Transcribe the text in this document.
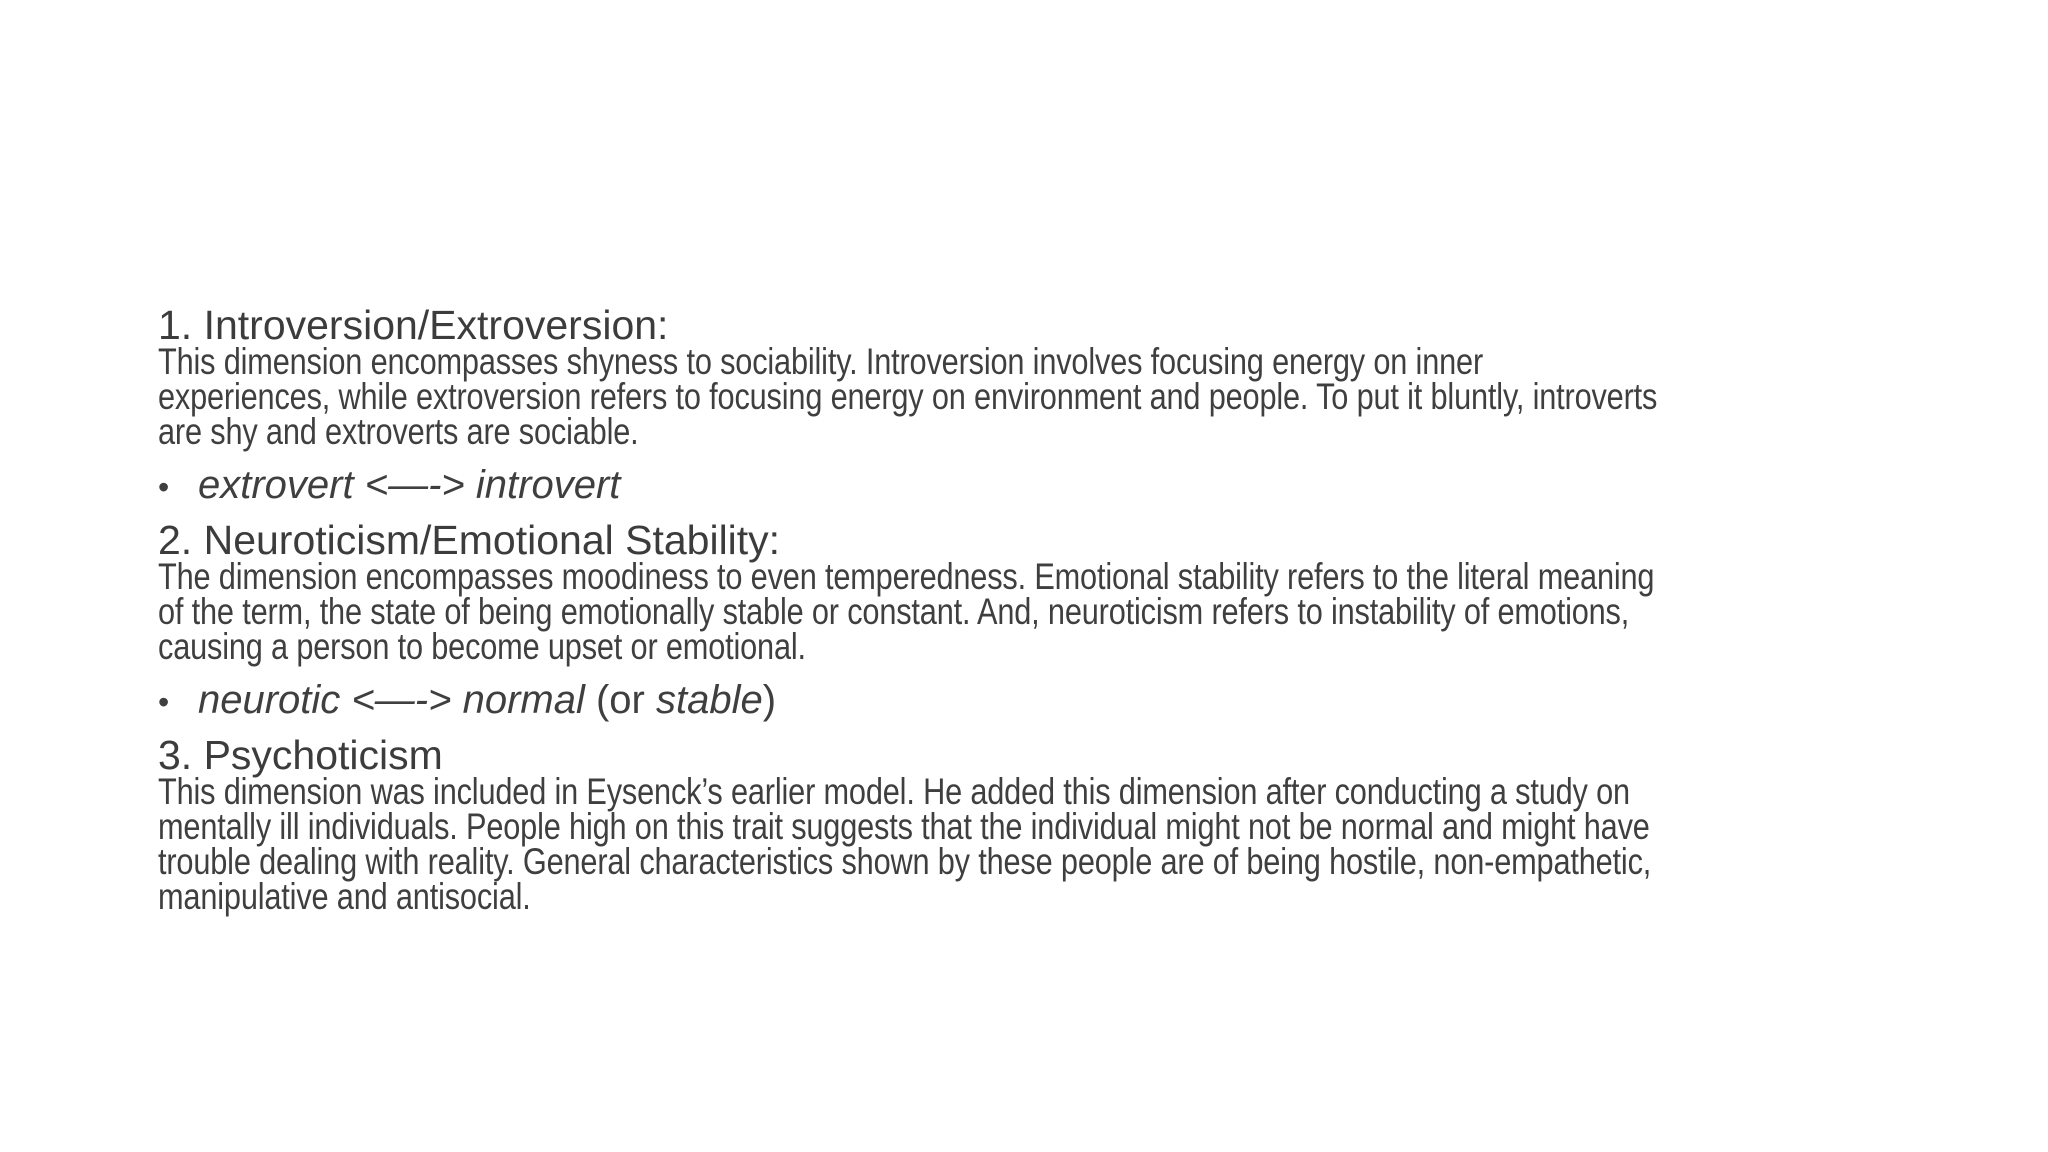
1. Introversion/Extroversion:

This dimension encompasses shyness to sociability. Introversion involves focusing energy on inner

experiences, while extroversion refers to focusing energy on environment and people. To put it bluntly, introverts

are shy and extroverts are sociable.

• extrovert
<—->
introvert

2. Neuroticism/Emotional Stability:

The dimension encompasses moodiness to even temperedness. Emotional stability refers to the literal meaning

of the term, the state of being emotionally stable or constant. And, neuroticism refers to instability of emotions,

causing a person to become upset or emotional.

• neurotic
<—->
normal (or stable )

3. Psychoticism

This dimension was included in Eysenck’s earlier model. He added this dimension after conducting a study on

mentally ill individuals. People high on this trait suggests that the individual might not be normal and might have

trouble dealing with reality. General characteristics shown by these people are of being hostile, non-empathetic,

manipulative and antisocial.
